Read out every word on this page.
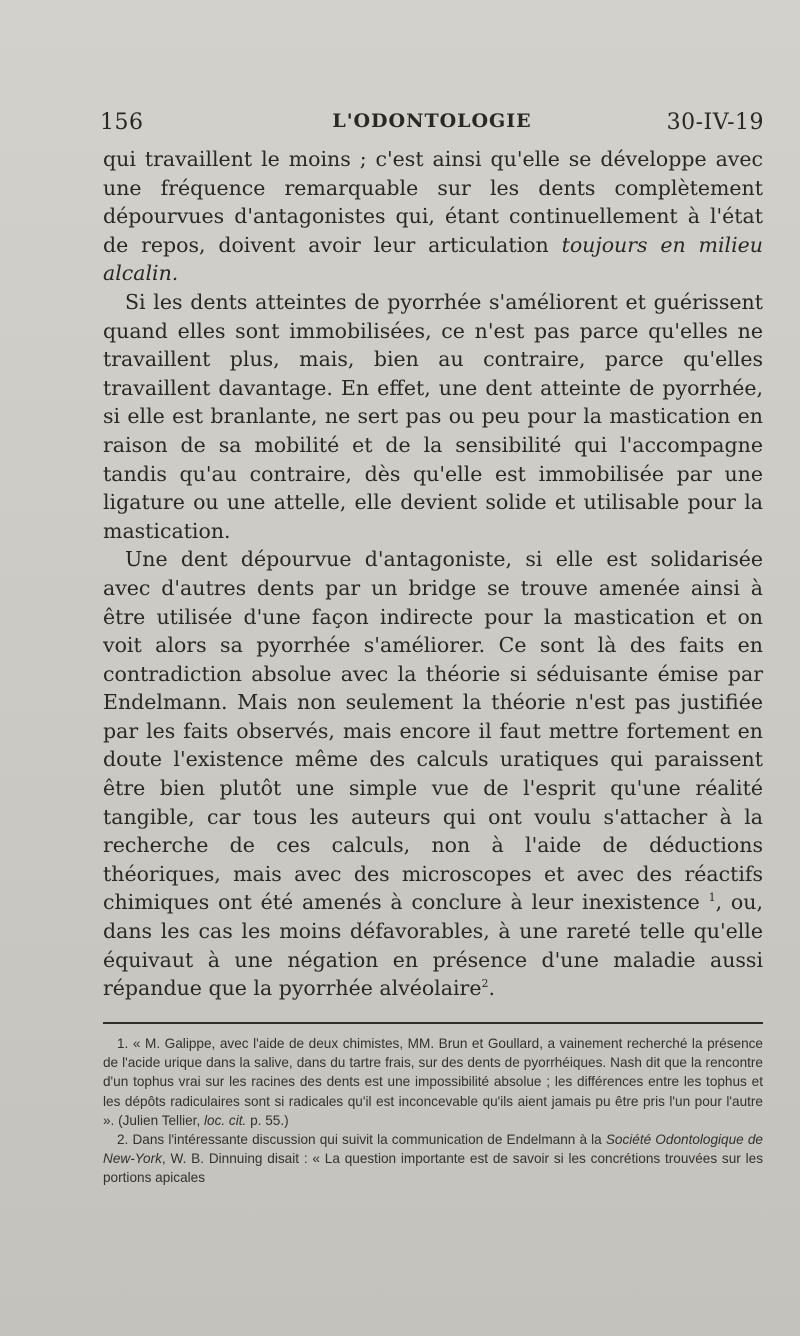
156	L'ODONTOLOGIE	30-IV-19

qui travaillent le moins ; c'est ainsi qu'elle se développe avec une fréquence remarquable sur les dents complètement dépourvues d'antagonistes qui, étant continuellement à l'état de repos, doivent avoir leur articulation toujours en milieu alcalin.

Si les dents atteintes de pyorrhée s'améliorent et guérissent quand elles sont immobilisées, ce n'est pas parce qu'elles ne travaillent plus, mais, bien au contraire, parce qu'elles travaillent davantage. En effet, une dent atteinte de pyorrhée, si elle est branlante, ne sert pas ou peu pour la mastication en raison de sa mobilité et de la sensibilité qui l'accompagne tandis qu'au contraire, dès qu'elle est immobilisée par une ligature ou une attelle, elle devient solide et utilisable pour la mastication.

Une dent dépourvue d'antagoniste, si elle est solidarisée avec d'autres dents par un bridge se trouve amenée ainsi à être utilisée d'une façon indirecte pour la mastication et on voit alors sa pyorrhée s'améliorer. Ce sont là des faits en contradiction absolue avec la théorie si séduisante émise par Endelmann. Mais non seulement la théorie n'est pas justifiée par les faits observés, mais encore il faut mettre fortement en doute l'existence même des calculs uratiques qui paraissent être bien plutôt une simple vue de l'esprit qu'une réalité tangible, car tous les auteurs qui ont voulu s'attacher à la recherche de ces calculs, non à l'aide de déductions théoriques, mais avec des microscopes et avec des réactifs chimiques ont été amenés à conclure à leur inexistence $^1$, ou, dans les cas les moins défavorables, à une rareté telle qu'elle équivaut à une négation en présence d'une maladie aussi répandue que la pyorrhée alvéolaire$^2$.

1. « M. Galippe, avec l'aide de deux chimistes, MM. Brun et Goullard, a vainement recherché la présence de l'acide urique dans la salive, dans du tartre frais, sur des dents de pyorrhéiques. Nash dit que la rencontre d'un tophus vrai sur les racines des dents est une impossibilité absolue ; les différences entre les tophus et les dépôts radiculaires sont si radicales qu'il est inconcevable qu'ils aient jamais pu être pris l'un pour l'autre ». (Julien Tellier, loc. cit. p. 55.)

2. Dans l'intéressante discussion qui suivit la communication de Endelmann à la Société Odontologique de New-York, W. B. Dinnuing disait : « La question importante est de savoir si les concrétions trouvées sur les portions apicales
